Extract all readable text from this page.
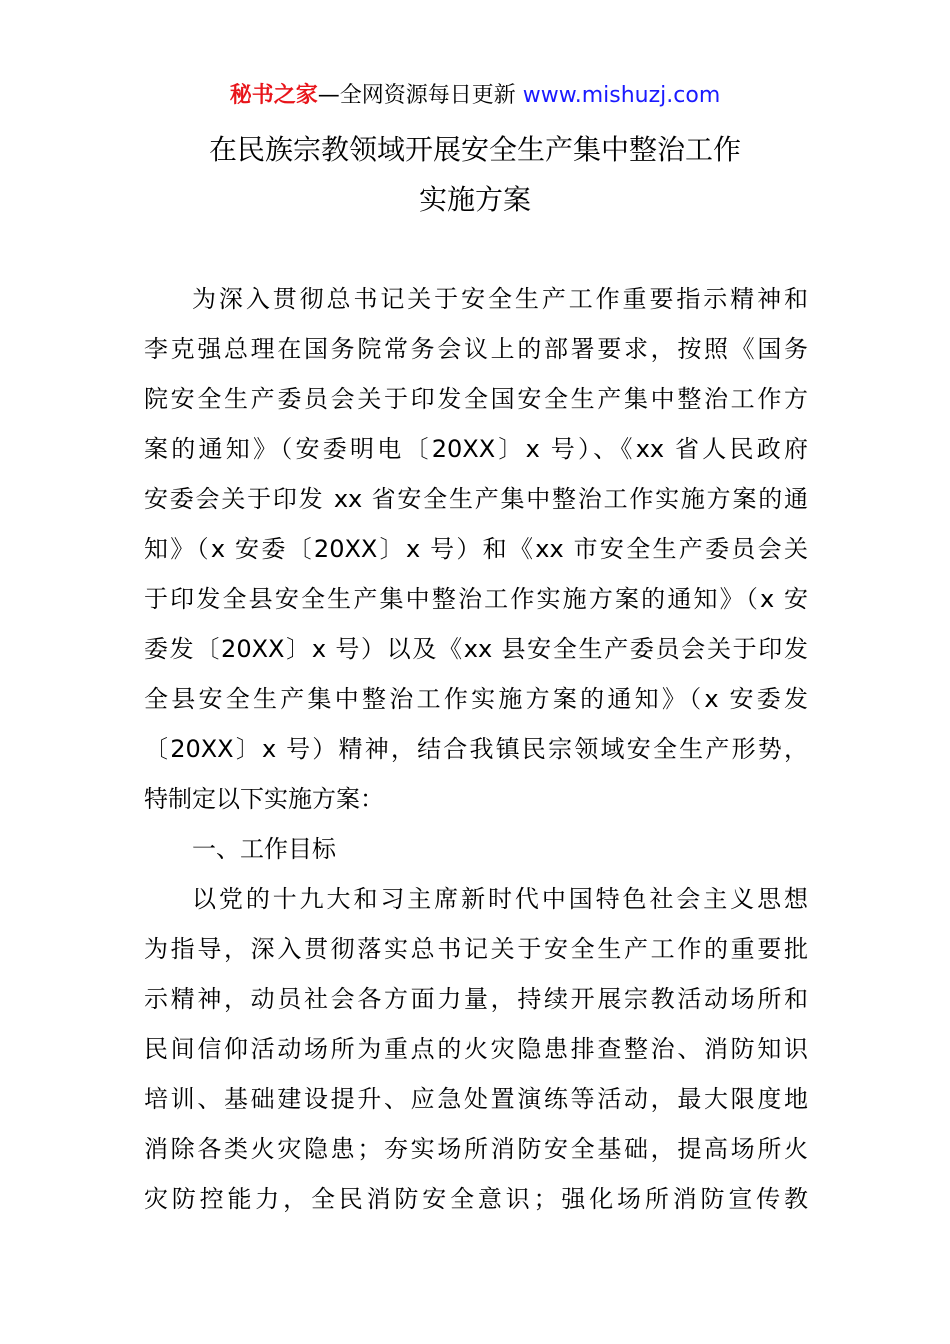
秘书之家—全网资源每日更新 www.mishuzj.com
在民族宗教领域开展安全生产集中整治工作
实施方案
为深入贯彻总书记关于安全生产工作重要指示精神和
李克强总理在国务院常务会议上的部署要求，按照《国务
院安全生产委员会关于印发全国安全生产集中整治工作方
案的通知》（安委明电〔20XX〕x 号）、《xx 省人民政府
安委会关于印发 xx 省安全生产集中整治工作实施方案的通
知》（x 安委〔20XX〕x 号）和《xx 市安全生产委员会关
于印发全县安全生产集中整治工作实施方案的通知》（x 安
委发〔20XX〕x 号）以及《xx 县安全生产委员会关于印发
全县安全生产集中整治工作实施方案的通知》（x 安委发
〔20XX〕x 号）精神，结合我镇民宗领域安全生产形势，
特制定以下实施方案：
一、工作目标
以党的十九大和习主席新时代中国特色社会主义思想
为指导，深入贯彻落实总书记关于安全生产工作的重要批
示精神，动员社会各方面力量，持续开展宗教活动场所和
民间信仰活动场所为重点的火灾隐患排查整治、消防知识
培训、基础建设提升、应急处置演练等活动，最大限度地
消除各类火灾隐患；夯实场所消防安全基础，提高场所火
灾防控能力，全民消防安全意识；强化场所消防宣传教
